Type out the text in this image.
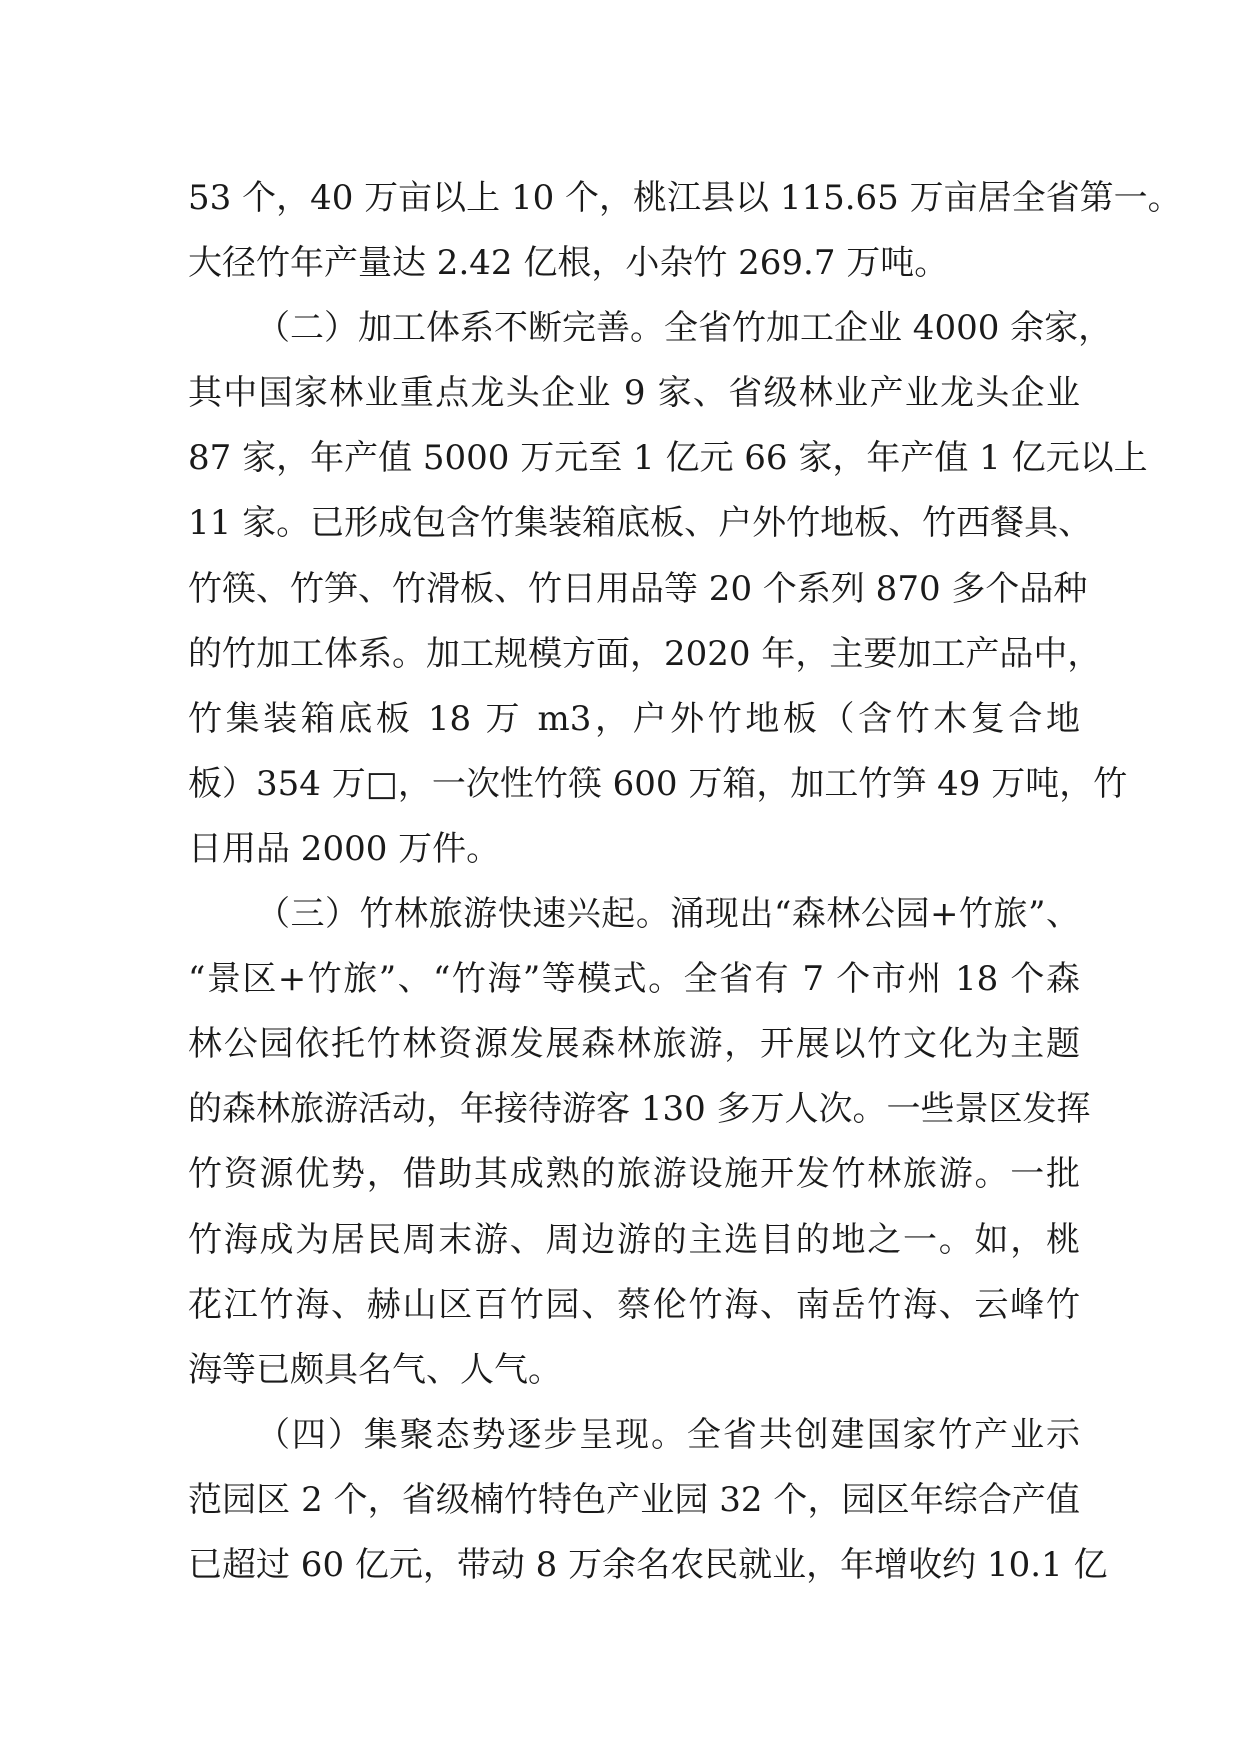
53 个，40 万亩以上 10 个，桃江县以 115.65 万亩居全省第一。
大径竹年产量达 2.42 亿根，小杂竹 269.7 万吨。
（二）加工体系不断完善。全省竹加工企业 4000 余家，
其中国家林业重点龙头企业 9 家、省级林业产业龙头企业
87 家，年产值 5000 万元至 1 亿元 66 家，年产值 1 亿元以上
11 家。已形成包含竹集装箱底板、户外竹地板、竹西餐具、
竹筷、竹笋、竹滑板、竹日用品等 20 个系列 870 多个品种
的竹加工体系。加工规模方面，2020 年，主要加工产品中，
竹集装箱底板 18 万 m3，户外竹地板（含竹木复合地
板）354 万□，一次性竹筷 600 万箱，加工竹笋 49 万吨，竹
日用品 2000 万件。
（三）竹林旅游快速兴起。涌现出“森林公园+竹旅”、
“景区+竹旅”、“竹海”等模式。全省有 7 个市州 18 个森
林公园依托竹林资源发展森林旅游，开展以竹文化为主题
的森林旅游活动，年接待游客 130 多万人次。一些景区发挥
竹资源优势，借助其成熟的旅游设施开发竹林旅游。一批
竹海成为居民周末游、周边游的主选目的地之一。如，桃
花江竹海、赫山区百竹园、蔡伦竹海、南岳竹海、云峰竹
海等已颇具名气、人气。
（四）集聚态势逐步呈现。全省共创建国家竹产业示
范园区 2 个，省级楠竹特色产业园 32 个，园区年综合产值
已超过 60 亿元，带动 8 万余名农民就业，年增收约 10.1 亿
